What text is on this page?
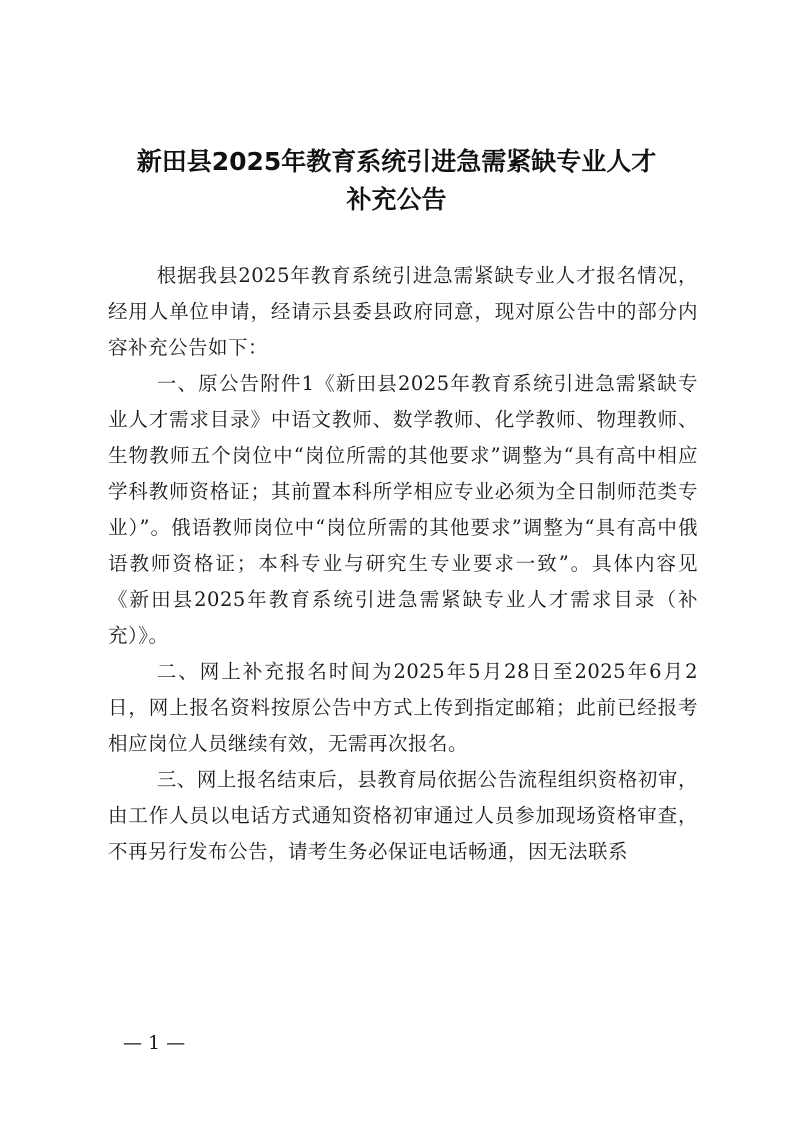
新田县2025年教育系统引进急需紧缺专业人才
补充公告

根据我县2025年教育系统引进急需紧缺专业人才报名情况，经用人单位申请，经请示县委县政府同意，现对原公告中的部分内容补充公告如下：

一、原公告附件1《新田县2025年教育系统引进急需紧缺专业人才需求目录》中语文教师、数学教师、化学教师、物理教师、生物教师五个岗位中“岗位所需的其他要求”调整为“具有高中相应学科教师资格证；其前置本科所学相应专业必须为全日制师范类专业）”。俄语教师岗位中“岗位所需的其他要求”调整为“具有高中俄语教师资格证；本科专业与研究生专业要求一致”。具体内容见《新田县2025年教育系统引进急需紧缺专业人才需求目录（补充）》。

二、网上补充报名时间为2025年5月28日至2025年6月2日，网上报名资料按原公告中方式上传到指定邮箱；此前已经报考相应岗位人员继续有效，无需再次报名。

三、网上报名结束后，县教育局依据公告流程组织资格初审，由工作人员以电话方式通知资格初审通过人员参加现场资格审查，不再另行发布公告，请考生务必保证电话畅通，因无法联系

— 1 —
